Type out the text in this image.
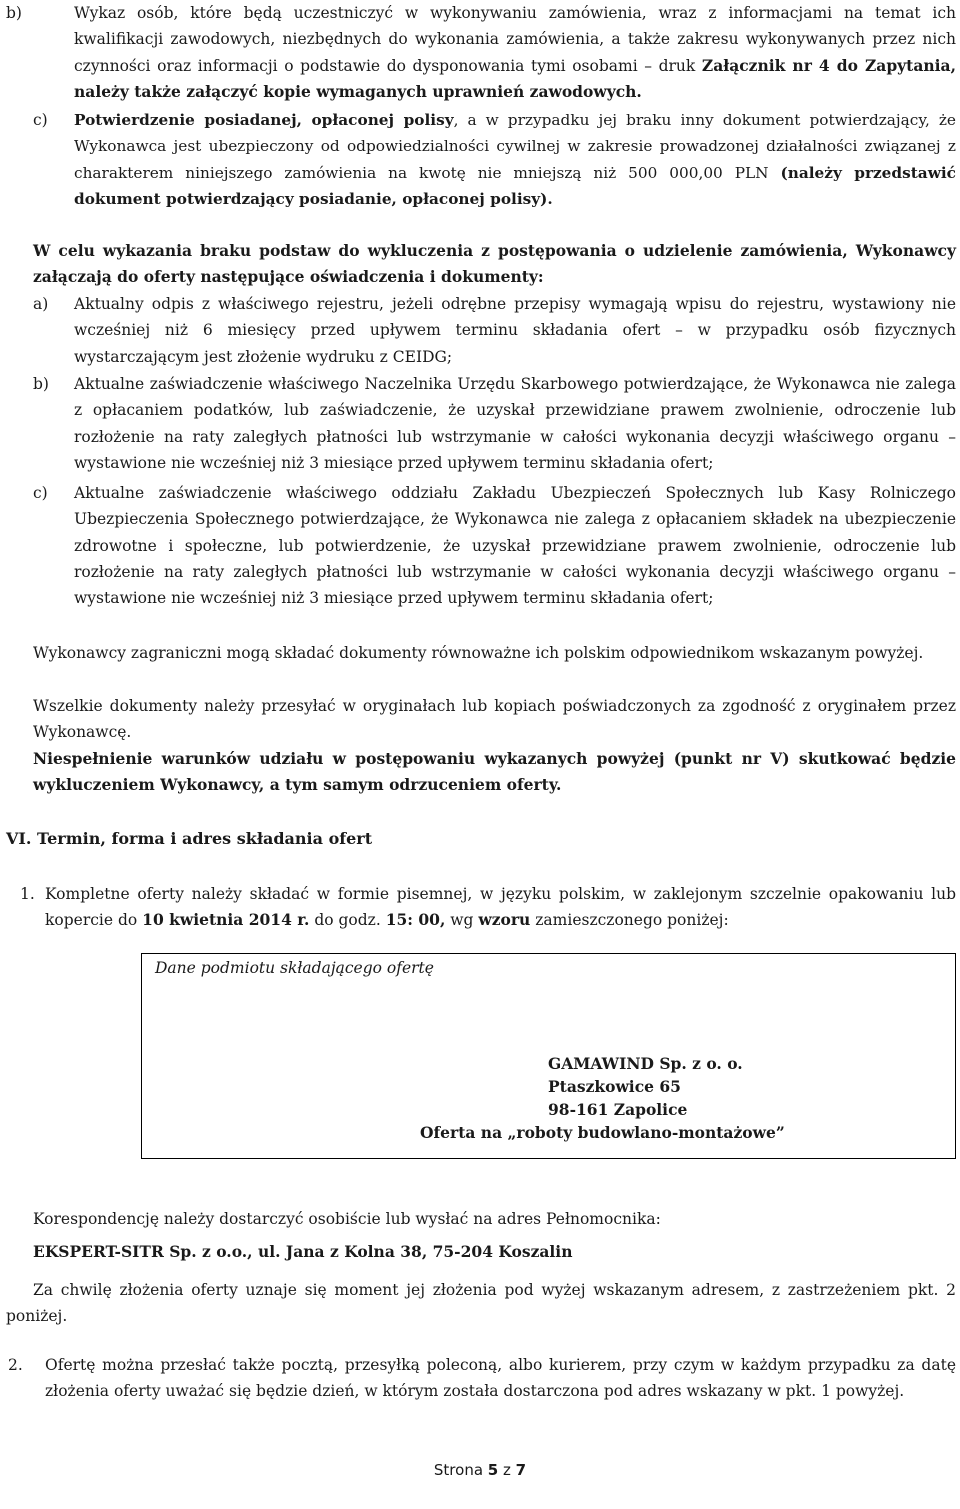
b)	Wykaz osób, które będą uczestniczyć w wykonywaniu zamówienia, wraz z informacjami na temat ich kwalifikacji zawodowych, niezbędnych do wykonania zamówienia, a także zakresu wykonywanych przez nich czynności oraz informacji o podstawie do dysponowania tymi osobami – druk Załącznik nr 4 do Zapytania, należy także załączyć kopie wymaganych uprawnień zawodowych.

c) Potwierdzenie posiadanej, opłaconej polisy, a w przypadku jej braku inny dokument potwierdzający, że Wykonawca jest ubezpieczony od odpowiedzialności cywilnej w zakresie prowadzonej działalności związanej z charakterem niniejszego zamówienia na kwotę nie mniejszą niż 500 000,00 PLN (należy przedstawić dokument potwierdzający posiadanie, opłaconej polisy).

W celu wykazania braku podstaw do wykluczenia z postępowania o udzielenie zamówienia, Wykonawcy załączają do oferty następujące oświadczenia i dokumenty:

a) Aktualny odpis z właściwego rejestru, jeżeli odrębne przepisy wymagają wpisu do rejestru, wystawiony nie wcześniej niż 6 miesięcy przed upływem terminu składania ofert – w przypadku osób fizycznych wystarczającym jest złożenie wydruku z CEIDG;

b) Aktualne zaświadczenie właściwego Naczelnika Urzędu Skarbowego potwierdzające, że Wykonawca nie zalega z opłacaniem podatków, lub zaświadczenie, że uzyskał przewidziane prawem zwolnienie, odroczenie lub rozłożenie na raty zaległych płatności lub wstrzymanie w całości wykonania decyzji właściwego organu – wystawione nie wcześniej niż 3 miesiące przed upływem terminu składania ofert;

c) Aktualne zaświadczenie właściwego oddziału Zakładu Ubezpieczeń Społecznych lub Kasy Rolniczego Ubezpieczenia Społecznego potwierdzające, że Wykonawca nie zalega z opłacaniem składek na ubezpieczenie zdrowotne i społeczne, lub potwierdzenie, że uzyskał przewidziane prawem zwolnienie, odroczenie lub rozłożenie na raty zaległych płatności lub wstrzymanie w całości wykonania decyzji właściwego organu – wystawione nie wcześniej niż 3 miesiące przed upływem terminu składania ofert;

Wykonawcy zagraniczni mogą składać dokumenty równoważne ich polskim odpowiednikom wskazanym powyżej.

Wszelkie dokumenty należy przesyłać w oryginałach lub kopiach poświadczonych za zgodność z oryginałem przez Wykonawcę.

Niespełnienie warunków udziału w postępowaniu wykazanych powyżej (punkt nr V) skutkować będzie wykluczeniem Wykonawcy, a tym samym odrzuceniem oferty.

VI. Termin, forma i adres składania ofert

1. Kompletne oferty należy składać w formie pisemnej, w języku polskim, w zaklejonym szczelnie opakowaniu lub kopercie do 10 kwietnia 2014 r. do godz. 15: 00, wg wzoru zamieszczonego poniżej:

Dane podmiotu składającego ofertę
GAMAWIND Sp. z o. o.
Ptaszkowice 65
98-161 Zapolice
Oferta na „roboty budowlano-montażowe”

Korespondencję należy dostarczyć osobiście lub wysłać na adres Pełnomocnika:

EKSPERT-SITR Sp. z o.o., ul. Jana z Kolna 38, 75-204 Koszalin

Za chwilę złożenia oferty uznaje się moment jej złożenia pod wyżej wskazanym adresem, z zastrzeżeniem pkt. 2 poniżej.

2. Ofertę można przesłać także pocztą, przesyłką poleconą, albo kurierem, przy czym w każdym przypadku za datę złożenia oferty uważać się będzie dzień, w którym została dostarczona pod adres wskazany w pkt. 1 powyżej.

Strona 5 z 7
